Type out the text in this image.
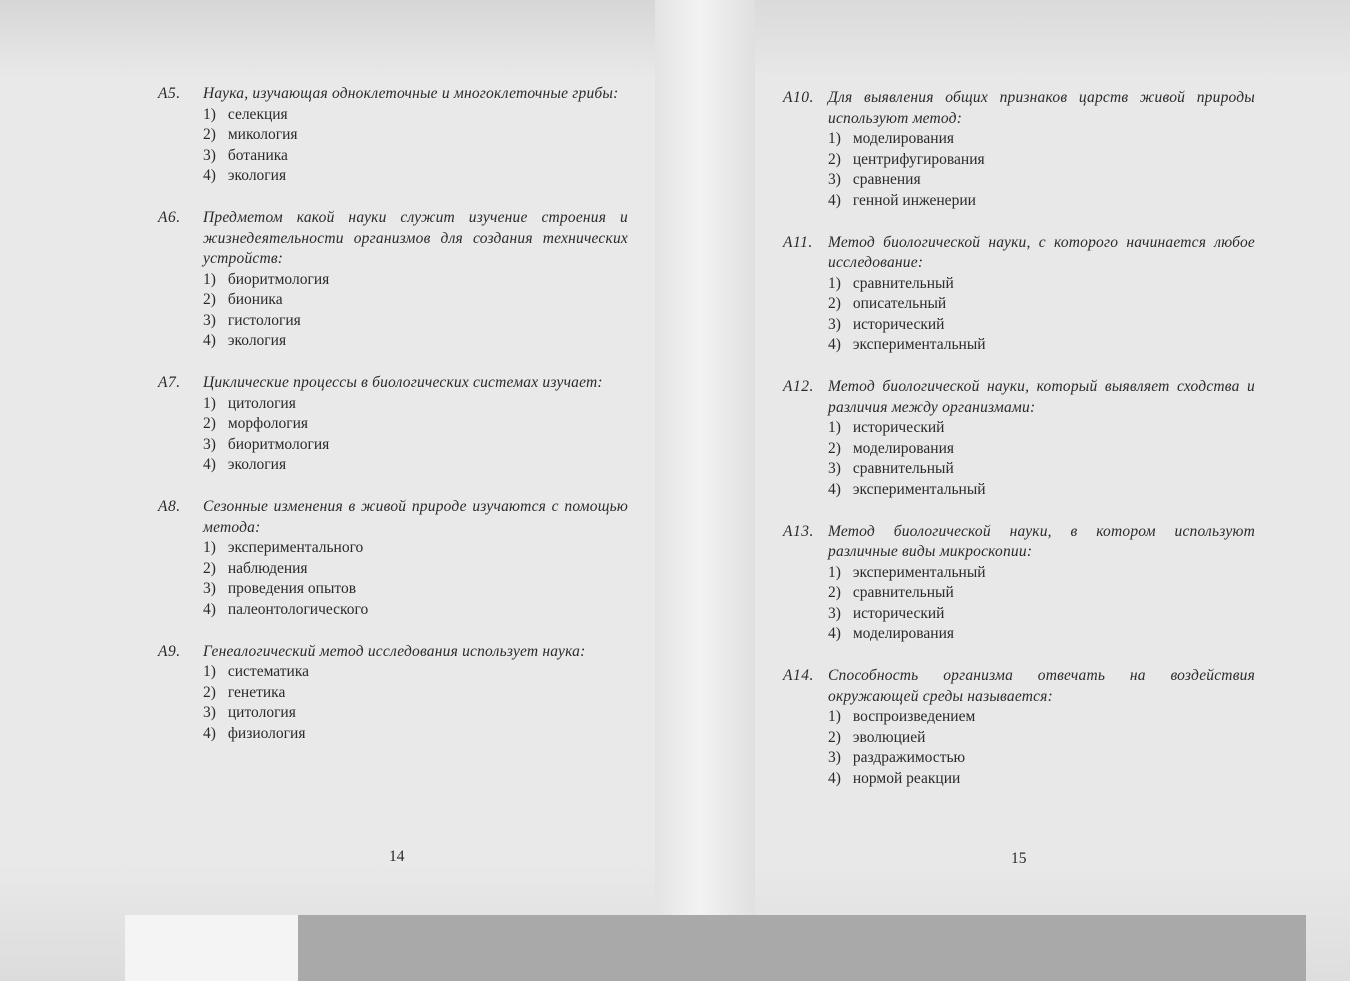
A5.	Наука, изучающая одноклеточные и многоклеточные грибы:
1) селекция
2) микология
3) ботаника
4) экология
A6.	Предметом какой науки служит изучение строения и жизнедеятельности организмов для создания технических устройств:
1) биоритмология
2) бионика
3) гистология
4) экология
A7.	Циклические процессы в биологических системах изучает:
1) цитология
2) морфология
3) биоритмология
4) экология
A8.	Сезонные изменения в живой природе изучаются с помощью метода:
1) экспериментального
2) наблюдения
3) проведения опытов
4) палеонтологического
A9.	Генеалогический метод исследования использует наука:
1) систематика
2) генетика
3) цитология
4) физиология
A10. Для выявления общих признаков царств живой природы используют метод:
1) моделирования
2) центрифугирования
3) сравнения
4) генной инженерии
A11. Метод биологической науки, с которого начинается любое исследование:
1) сравнительный
2) описательный
3) исторический
4) экспериментальный
A12. Метод биологической науки, который выявляет сходства и различия между организмами:
1) исторический
2) моделирования
3) сравнительный
4) экспериментальный
A13. Метод биологической науки, в котором используют различные виды микроскопии:
1) экспериментальный
2) сравнительный
3) исторический
4) моделирования
A14. Способность организма отвечать на воздействия окружающей среды называется:
1) воспроизведением
2) эволюцией
3) раздражимостью
4) нормой реакции
14	15
